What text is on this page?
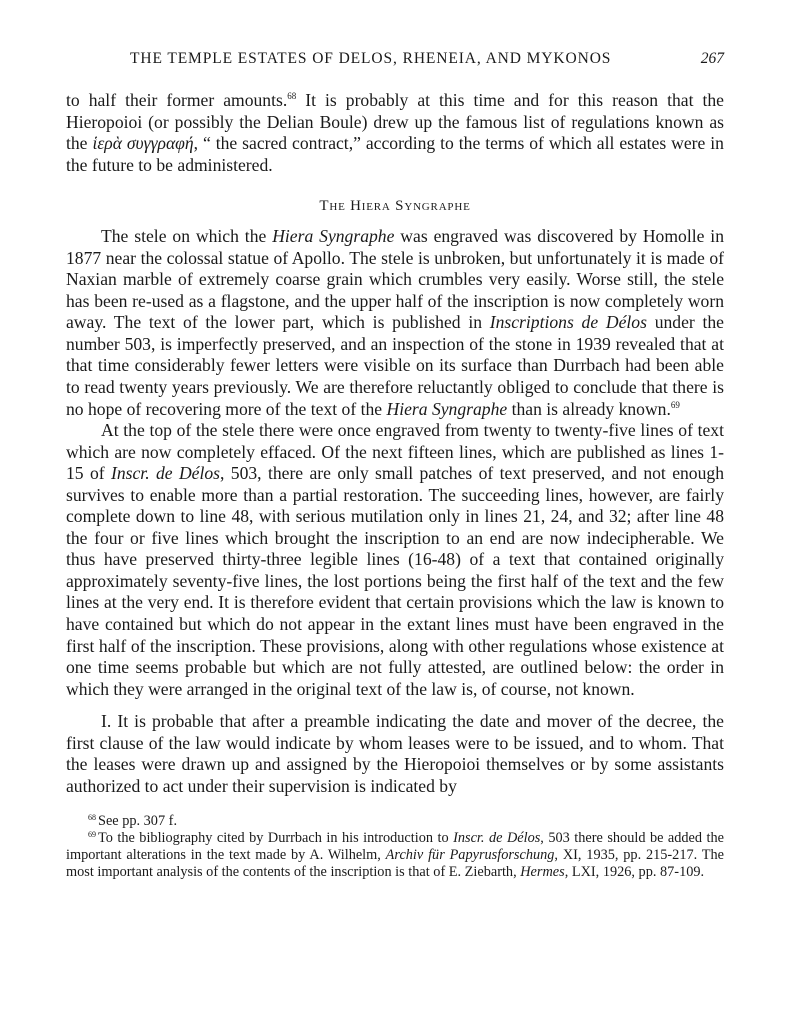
THE TEMPLE ESTATES OF DELOS, RHENEIA, AND MYKONOS	267

to half their former amounts.$^{68}$ It is probably at this time and for this reason that the Hieropoioi (or possibly the Delian Boule) drew up the famous list of regulations known as the ἱερὰ συγγραφή, “ the sacred contract,” according to the terms of which all estates were in the future to be administered.

The Hiera Syngraphe

The stele on which the Hiera Syngraphe was engraved was discovered by Homolle in 1877 near the colossal statue of Apollo. The stele is unbroken, but unfortunately it is made of Naxian marble of extremely coarse grain which crumbles very easily. Worse still, the stele has been re-used as a flagstone, and the upper half of the inscription is now completely worn away. The text of the lower part, which is published in Inscriptions de Délos under the number 503, is imperfectly preserved, and an inspection of the stone in 1939 revealed that at that time considerably fewer letters were visible on its surface than Durrbach had been able to read twenty years previously. We are therefore reluctantly obliged to conclude that there is no hope of recovering more of the text of the Hiera Syngraphe than is already known.$^{69}$

At the top of the stele there were once engraved from twenty to twenty-five lines of text which are now completely effaced. Of the next fifteen lines, which are published as lines 1-15 of Inscr. de Délos, 503, there are only small patches of text preserved, and not enough survives to enable more than a partial restoration. The succeeding lines, however, are fairly complete down to line 48, with serious mutilation only in lines 21, 24, and 32; after line 48 the four or five lines which brought the inscription to an end are now indecipherable. We thus have preserved thirty-three legible lines (16-48) of a text that contained originally approximately seventy-five lines, the lost portions being the first half of the text and the few lines at the very end. It is therefore evident that certain provisions which the law is known to have contained but which do not appear in the extant lines must have been engraved in the first half of the inscription. These provisions, along with other regulations whose existence at one time seems probable but which are not fully attested, are outlined below: the order in which they were arranged in the original text of the law is, of course, not known.

I. It is probable that after a preamble indicating the date and mover of the decree, the first clause of the law would indicate by whom leases were to be issued, and to whom. That the leases were drawn up and assigned by the Hieropoioi themselves or by some assistants authorized to act under their supervision is indicated by

$^{68}$ See pp. 307 f.

$^{69}$ To the bibliography cited by Durrbach in his introduction to Inscr. de Délos, 503 there should be added the important alterations in the text made by A. Wilhelm, Archiv für Papyrusforschung, XI, 1935, pp. 215-217. The most important analysis of the contents of the inscription is that of E. Ziebarth, Hermes, LXI, 1926, pp. 87-109.
